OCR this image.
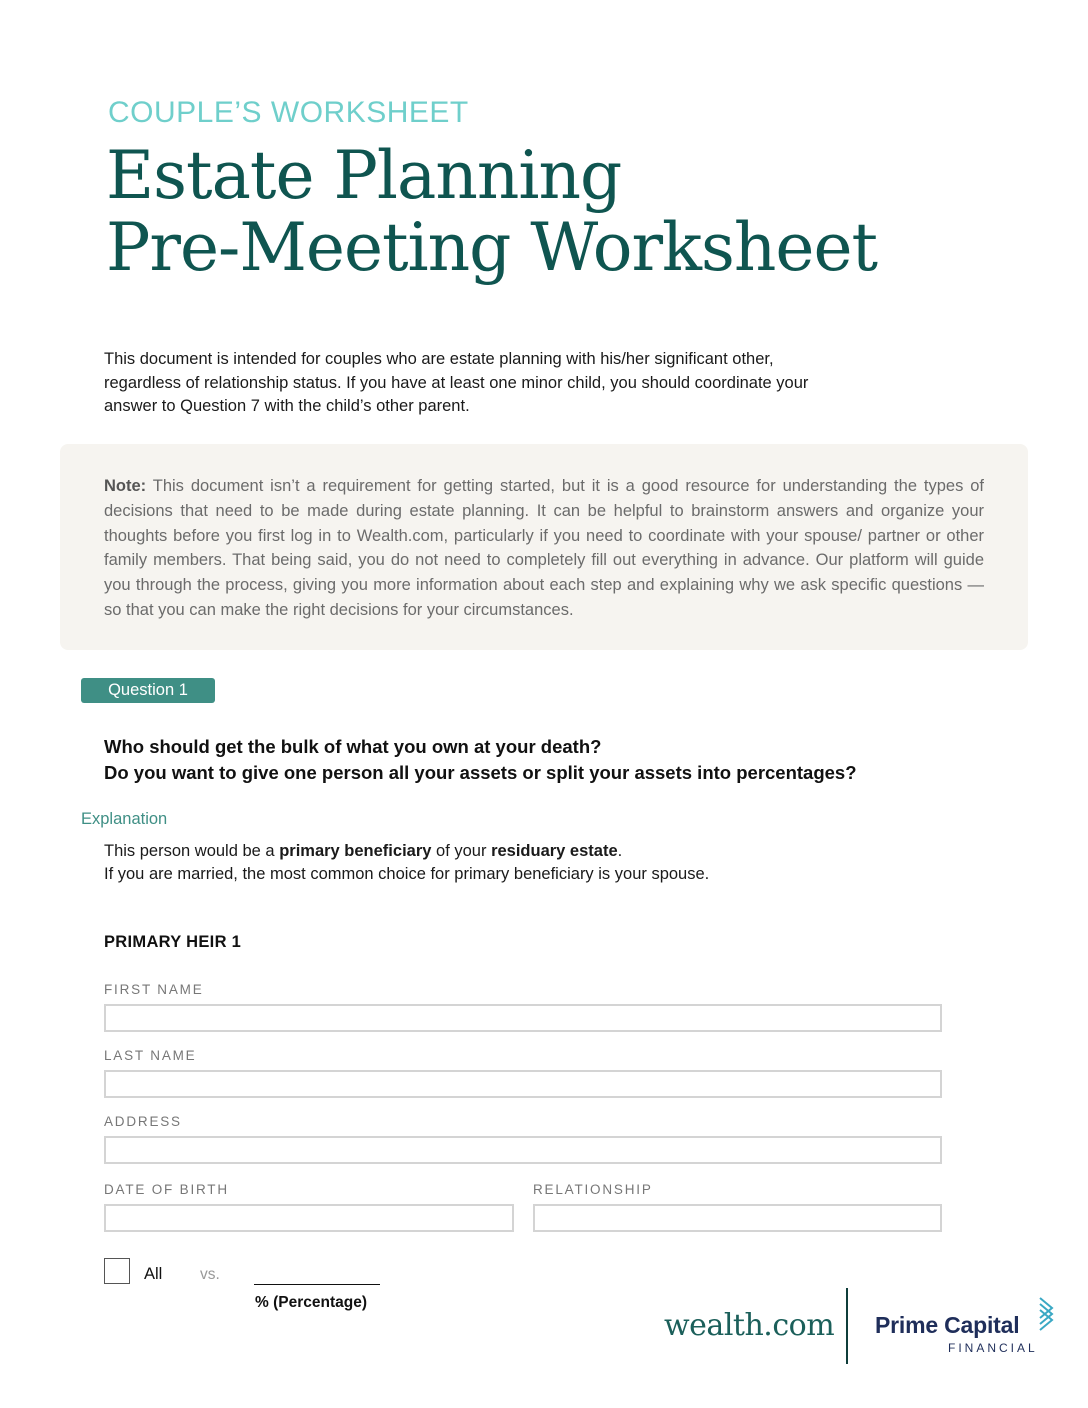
COUPLE’S WORKSHEET
Estate Planning
Pre-Meeting Worksheet
This document is intended for couples who are estate planning with his/her significant other,
regardless of relationship status. If you have at least one minor child, you should coordinate your
answer to Question 7 with the child’s other parent.
Note: This document isn’t a requirement for getting started, but it is a good resource for understanding the types of decisions that need to be made during estate planning. It can be helpful to brainstorm answers and organize your thoughts before you first log in to Wealth.com, particularly if you need to coordinate with your spouse/ partner or other family members. That being said, you do not need to completely fill out everything in advance. Our platform will guide you through the process, giving you more information about each step and explaining why we ask specific questions — so that you can make the right decisions for your circumstances.
Question 1
Who should get the bulk of what you own at your death?
Do you want to give one person all your assets or split your assets into percentages?
Explanation
This person would be a primary beneficiary of your residuary estate.
If you are married, the most common choice for primary beneficiary is your spouse.
PRIMARY HEIR 1
FIRST NAME
LAST NAME
ADDRESS
DATE OF BIRTH	RELATIONSHIP
All vs.
% (Percentage)
wealth.com Prime Capital
FINANCIAL
